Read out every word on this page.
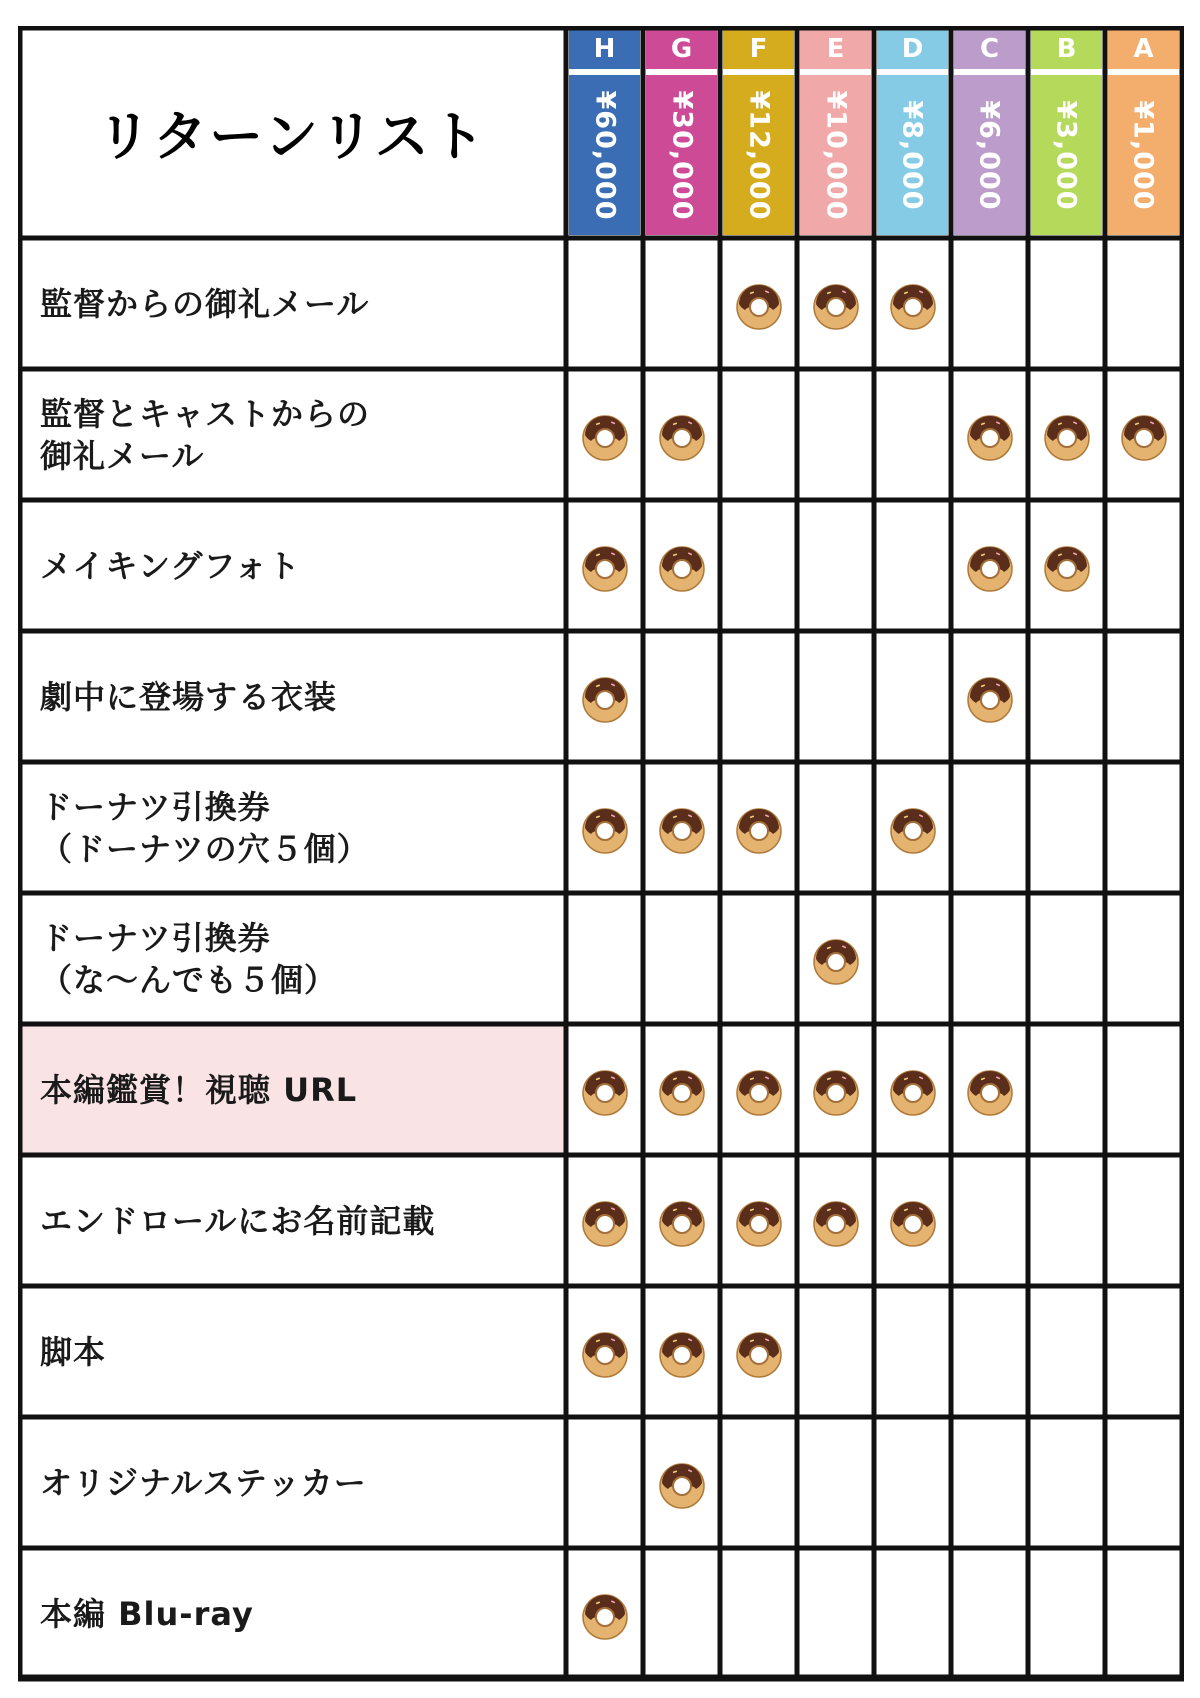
リターンリスト
H
¥60,000
G
¥30,000
F
¥12,000
E
¥10,000
D
¥8,000
C
¥6,000
B
¥3,000
A
¥1,000
監督からの御礼メール
監督とキャストからの
御礼メール
メイキングフォト
劇中に登場する衣装
ドーナツ引換券
（ドーナツの穴５個）
ドーナツ引換券
（な〜んでも５個）
本編鑑賞！視聴 URL
エンドロールにお名前記載
脚本
オリジナルステッカー
本編 Blu-ray
